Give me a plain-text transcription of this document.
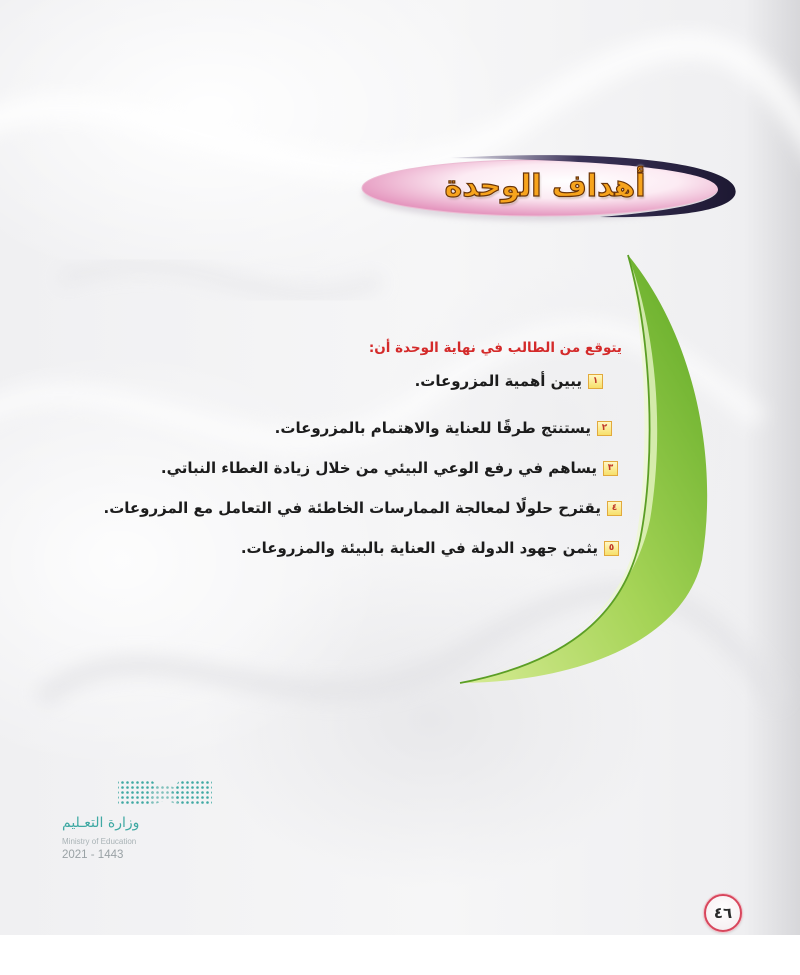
أهداف الوحدة
يتوقع من الطالب في نهاية الوحدة أن:
١
يبين أهمية المزروعات.
٢
يستنتج طرقًا للعناية والاهتمام بالمزروعات.
٣
يساهم في رفع الوعي البيئي من خلال زيادة الغطاء النباتي.
٤
يقترح حلولًا لمعالجة الممارسات الخاطئة في التعامل مع المزروعات.
٥
يثمن جهود الدولة في العناية بالبيئة والمزروعات.
وزارة التعـليم
Ministry of Education
2021 - 1443
٤٦
